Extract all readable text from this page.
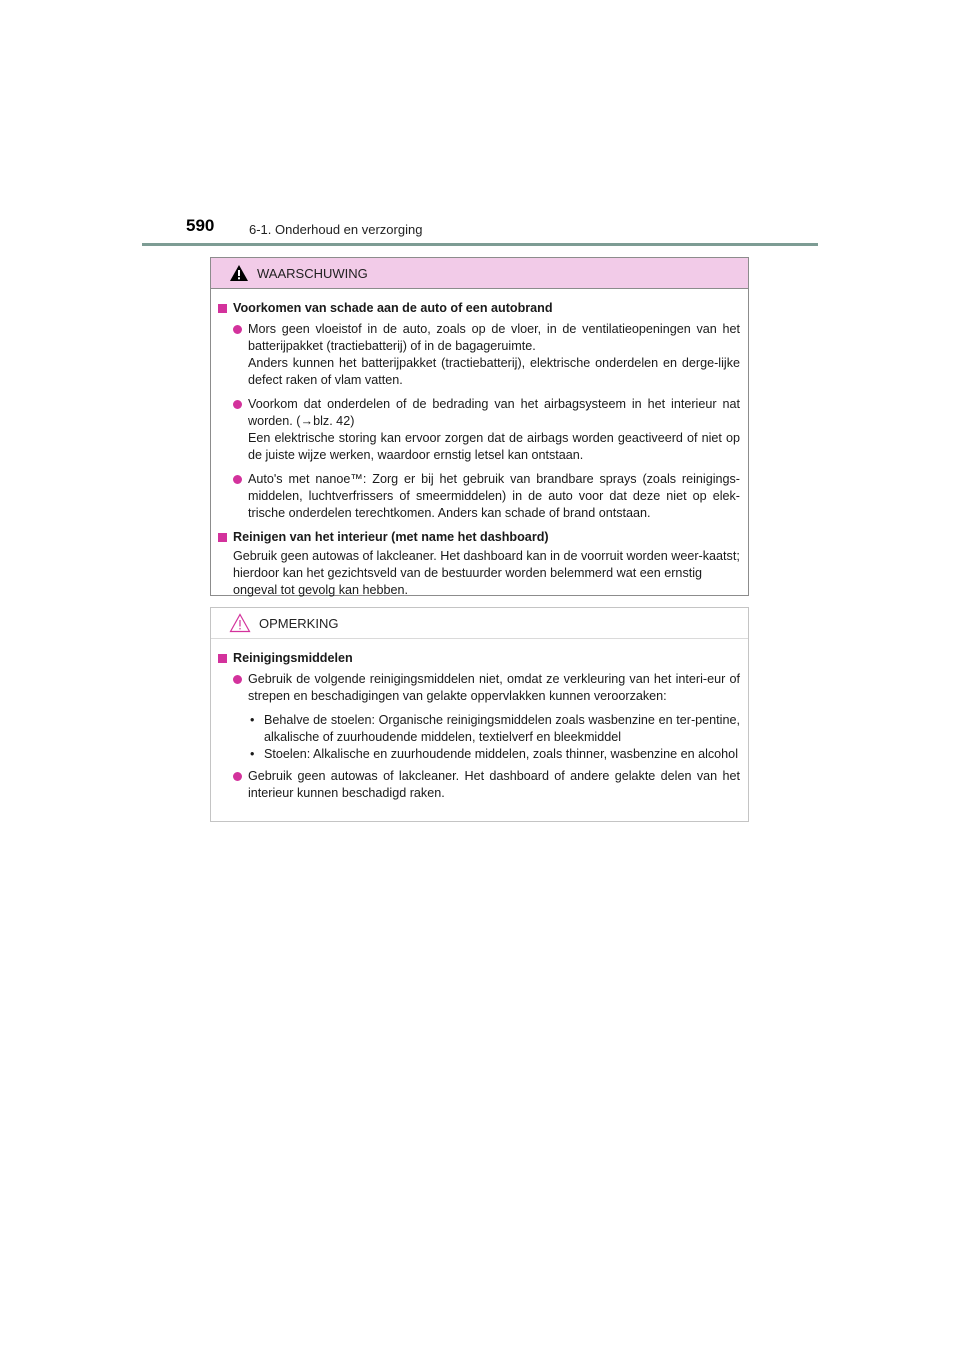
590	6-1. Onderhoud en verzorging
WAARSCHUWING
Voorkomen van schade aan de auto of een autobrand
Mors geen vloeistof in de auto, zoals op de vloer, in de ventilatieopeningen van het batterijpakket (tractiebatterij) of in de bagageruimte.
Anders kunnen het batterijpakket (tractiebatterij), elektrische onderdelen en derge-lijke defect raken of vlam vatten.
Voorkom dat onderdelen of de bedrading van het airbagsysteem in het interieur nat worden. (→blz. 42)
Een elektrische storing kan ervoor zorgen dat de airbags worden geactiveerd of niet op de juiste wijze werken, waardoor ernstig letsel kan ontstaan.
Auto's met nanoe™: Zorg er bij het gebruik van brandbare sprays (zoals reinigings-middelen, luchtverfrissers of smeermiddelen) in de auto voor dat deze niet op elek-trische onderdelen terechtkomen. Anders kan schade of brand ontstaan.
Reinigen van het interieur (met name het dashboard)
Gebruik geen autowas of lakcleaner. Het dashboard kan in de voorruit worden weer-kaatst; hierdoor kan het gezichtsveld van de bestuurder worden belemmerd wat een ernstig ongeval tot gevolg kan hebben.
OPMERKING
Reinigingsmiddelen
Gebruik de volgende reinigingsmiddelen niet, omdat ze verkleuring van het interi-eur of strepen en beschadigingen van gelakte oppervlakken kunnen veroorzaken:
• Behalve de stoelen: Organische reinigingsmiddelen zoals wasbenzine en ter-pentine, alkalische of zuurhoudende middelen, textielverf en bleekmiddel
• Stoelen: Alkalische en zuurhoudende middelen, zoals thinner, wasbenzine en alcohol
Gebruik geen autowas of lakcleaner. Het dashboard of andere gelakte delen van het interieur kunnen beschadigd raken.
